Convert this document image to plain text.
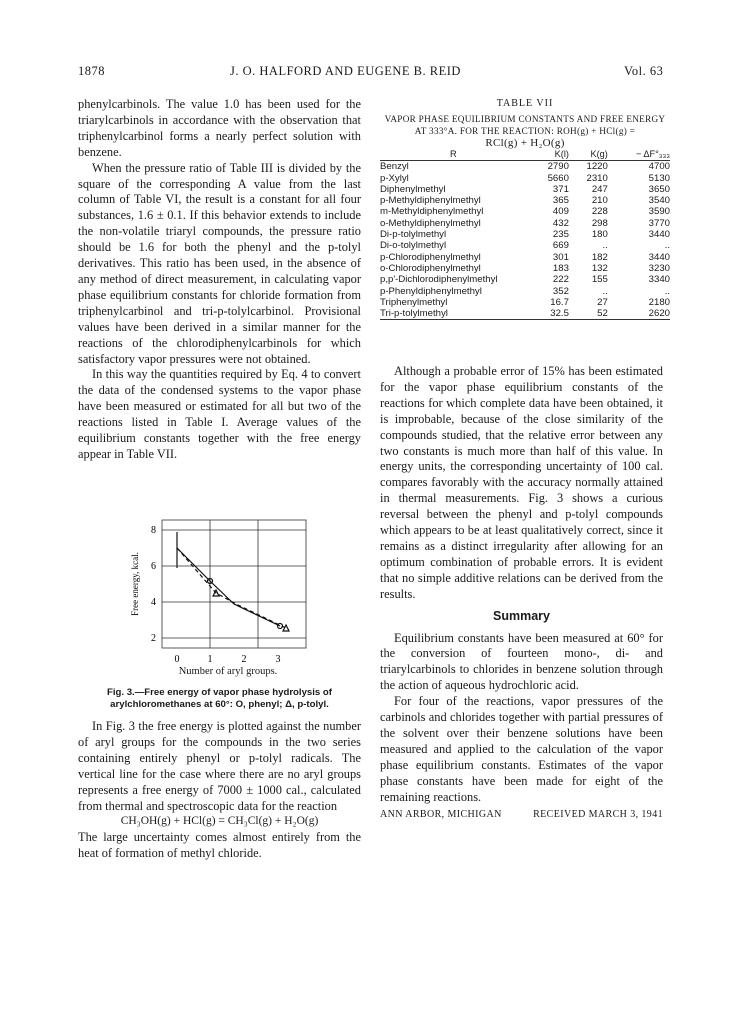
1878	J. O. HALFORD AND EUGENE B. REID	Vol. 63

phenylcarbinols. The value 1.0 has been used for the triarylcarbinols in accordance with the observation that triphenylcarbinol forms a nearly perfect solution with benzene.

When the pressure ratio of Table III is divided by the square of the corresponding A value from the last column of Table VI, the result is a constant for all four substances, 1.6 ± 0.1. If this behavior extends to include the non-volatile triaryl compounds, the pressure ratio should be 1.6 for both the phenyl and the p-tolyl derivatives. This ratio has been used, in the absence of any method of direct measurement, in calculating vapor phase equilibrium constants for chloride formation from triphenylcarbinol and tri-p-tolylcarbinol. Provisional values have been derived in a similar manner for the reactions of the chlorodiphenylcarbinols for which satisfactory vapor pressures were not obtained.

In this way the quantities required by Eq. 4 to convert the data of the condensed systems to the vapor phase have been measured or estimated for all but two of the reactions listed in Table I. Average values of the equilibrium constants together with the free energy appear in Table VII.

8
6
4
2
Free energy, kcal.
0	1	2	3
Number of aryl groups.
Fig. 3.—Free energy of vapor phase hydrolysis of arylchloromethanes at 60°: O, phenyl; Δ, p-tolyl.

In Fig. 3 the free energy is plotted against the number of aryl groups for the compounds in the two series containing entirely phenyl or p-tolyl radicals. The vertical line for the case where there are no aryl groups represents a free energy of 7000 ± 1000 cal., calculated from thermal and spectroscopic data for the reaction

CH₃OH(g) + HCl(g) = CH₃Cl(g) + H₂O(g)

The large uncertainty comes almost entirely from the heat of formation of methyl chloride.

TABLE VII
VAPOR PHASE EQUILIBRIUM CONSTANTS AND FREE ENERGY
AT 333°A. FOR THE REACTION: ROH(g) + HCl(g) =
RCl(g) + H₂O(g)
R	K(l)	K(g)	− ΔF°₃₃₃
Benzyl	2790	1220	4700
p-Xylyl	5660	2310	5130
Diphenylmethyl	371	247	3650
p-Methyldiphenylmethyl	365	210	3540
m-Methyldiphenylmethyl	409	228	3590
o-Methyldiphenylmethyl	432	298	3770
Di-p-tolylmethyl	235	180	3440
Di-o-tolylmethyl	669	..	..
p-Chlorodiphenylmethyl	301	182	3440
o-Chlorodiphenylmethyl	183	132	3230
p,p'-Dichlorodiphenylmethyl	222	155	3340
p-Phenyldiphenylmethyl	352	..	..
Triphenylmethyl	16.7	27	2180
Tri-p-tolylmethyl	32.5	52	2620

Although a probable error of 15% has been estimated for the vapor phase equilibrium constants of the reactions for which complete data have been obtained, it is improbable, because of the close similarity of the compounds studied, that the relative error between any two constants is much more than half of this value. In energy units, the corresponding uncertainty of 100 cal. compares favorably with the accuracy normally attained in thermal measurements. Fig. 3 shows a curious reversal between the phenyl and p-tolyl compounds which appears to be at least qualitatively correct, since it remains as a distinct irregularity after allowing for an optimum combination of probable errors. It is evident that no simple additive relations can be derived from the results.

Summary

Equilibrium constants have been measured at 60° for the conversion of fourteen mono-, di- and triarylcarbinols to chlorides in benzene solution through the action of aqueous hydrochloric acid.

For four of the reactions, vapor pressures of the carbinols and chlorides together with partial pressures of the solvent over their benzene solutions have been measured and applied to the calculation of the vapor phase equilibrium constants. Estimates of the vapor phase constants have been made for eight of the remaining reactions.

ANN ARBOR, MICHIGAN	RECEIVED MARCH 3, 1941
